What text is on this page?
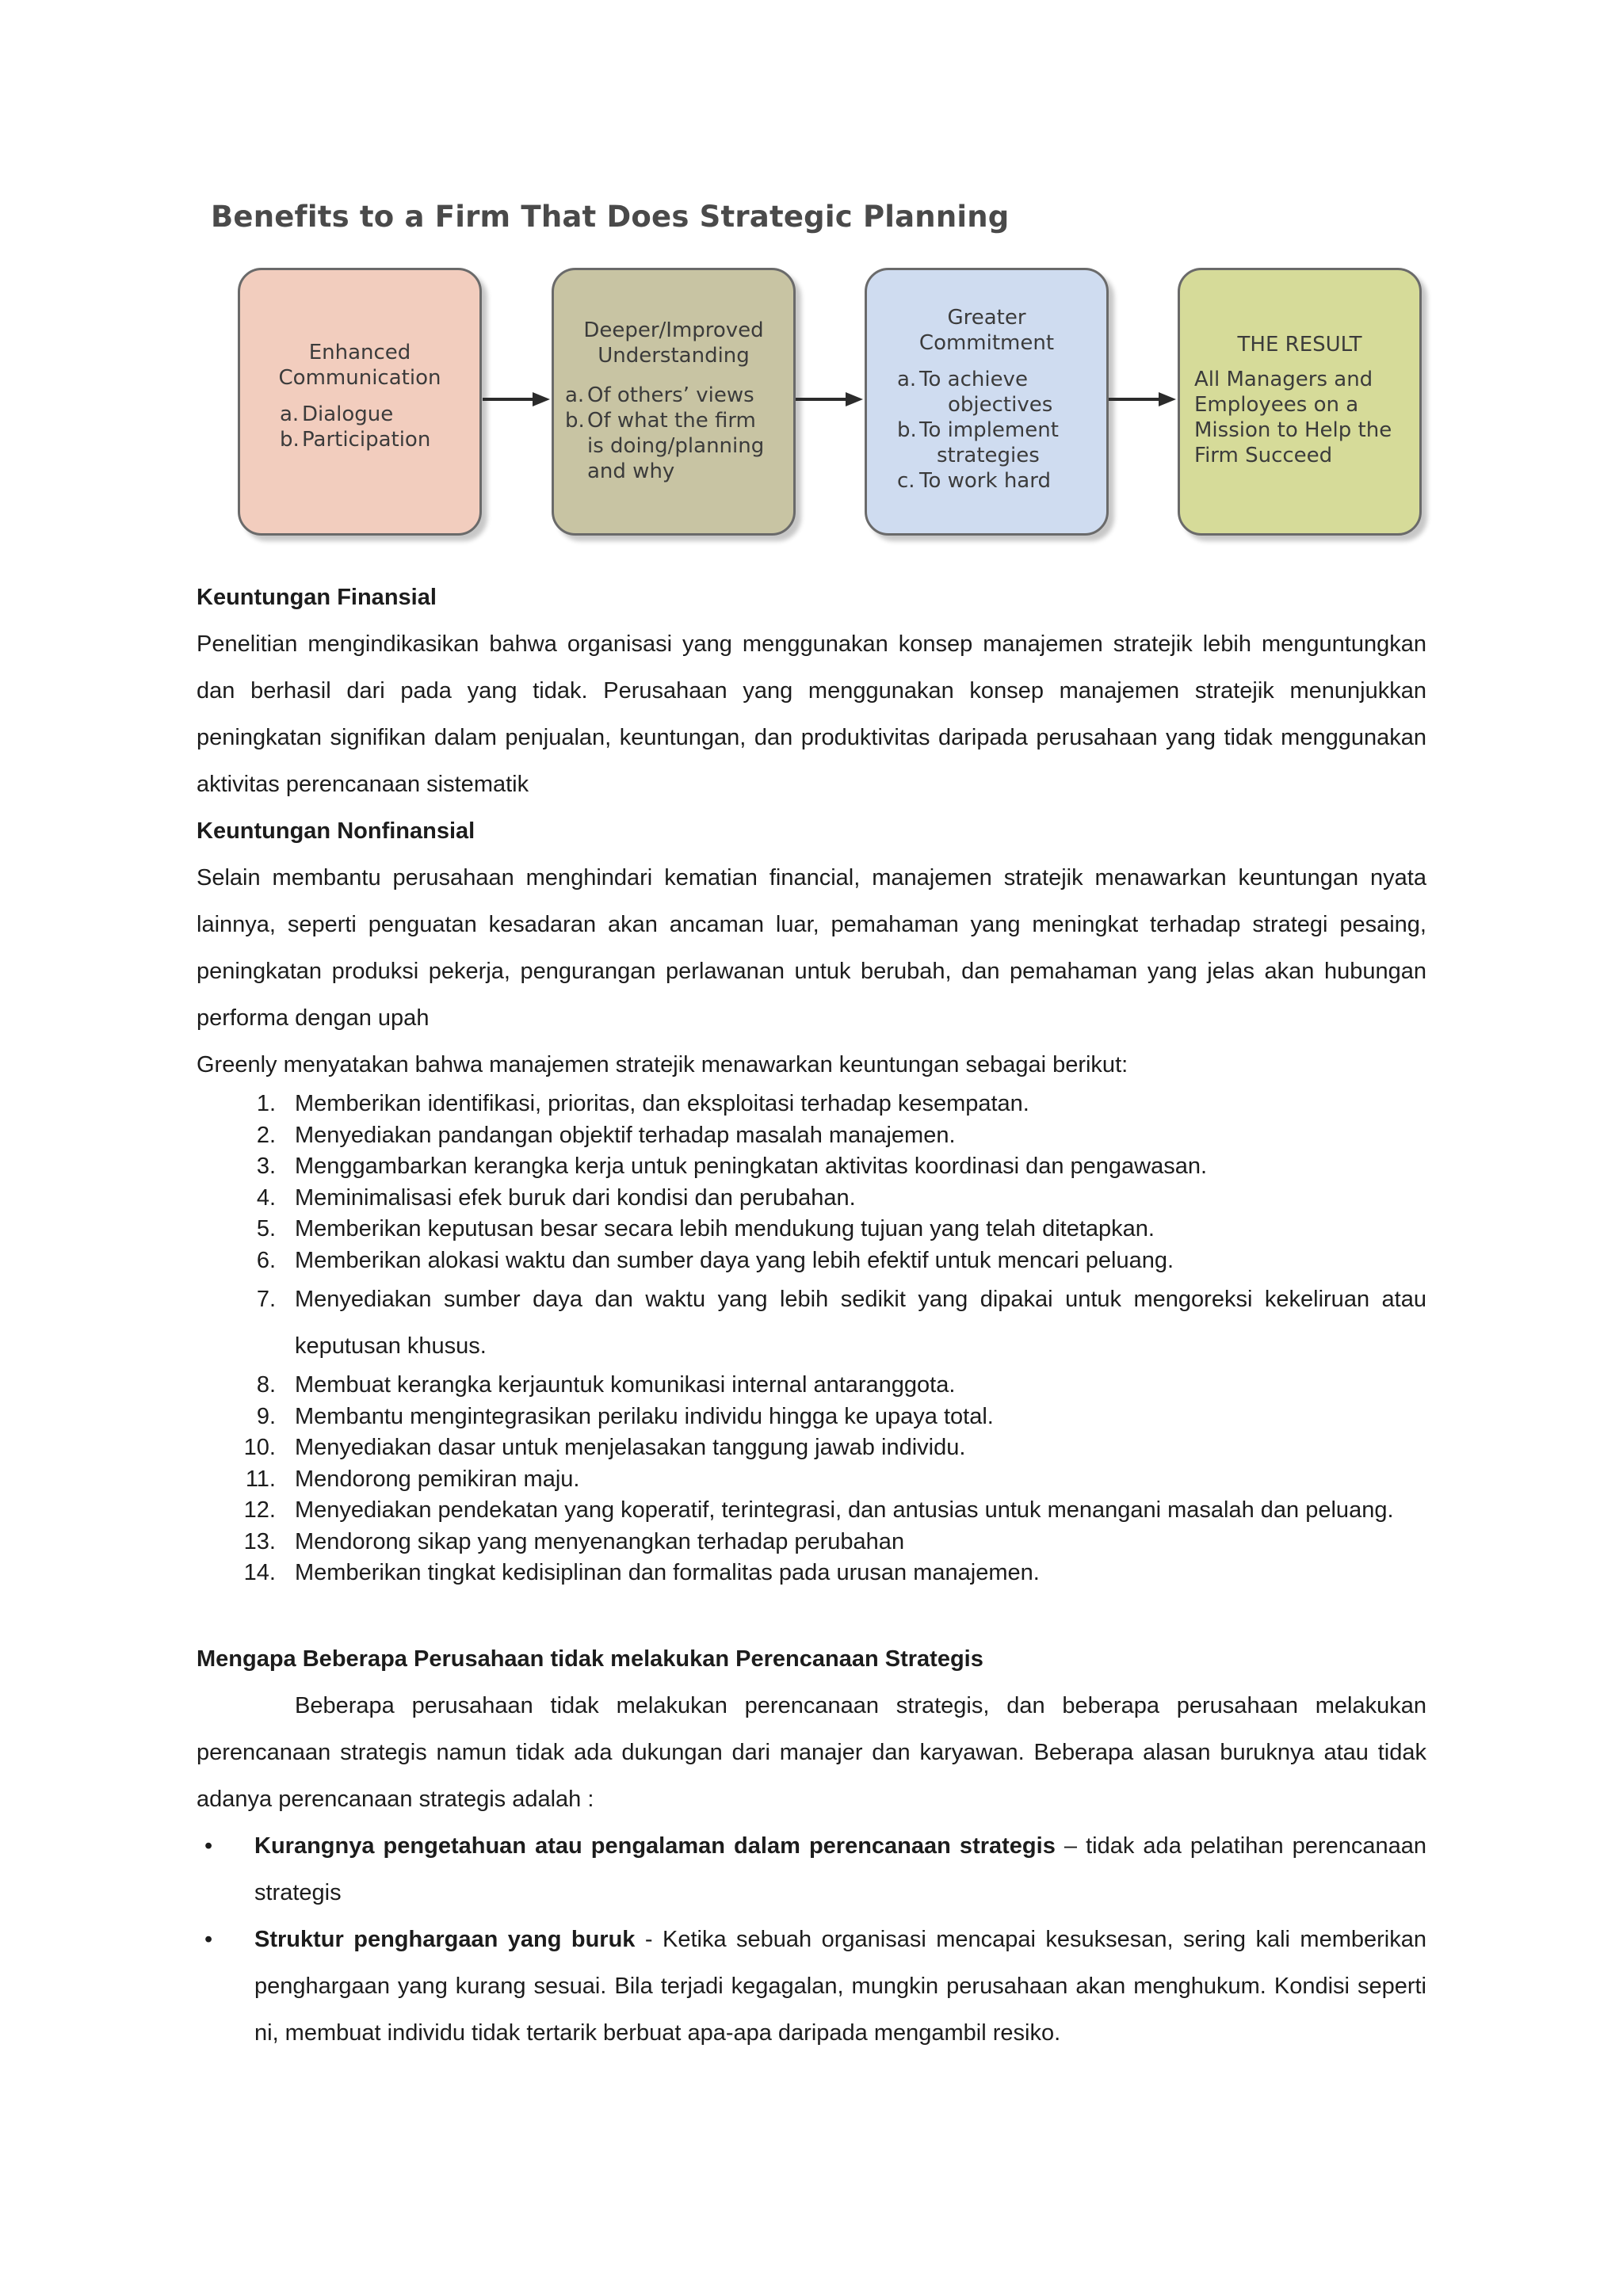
Benefits to a Firm That Does Strategic Planning
Enhanced
Communication
a. Dialogue
b. Participation
Deeper/Improved
Understanding
a. Of others’ views
b. Of what the firm
is doing/planning
and why
Greater
Commitment
a. To achieve
objectives
b. To implement
strategies
c. To work hard
THE RESULT
All Managers and
Employees on a
Mission to Help the
Firm Succeed
Keuntungan Finansial
Penelitian mengindikasikan bahwa organisasi yang menggunakan konsep manajemen stratejik lebih menguntungkan dan berhasil dari pada yang tidak. Perusahaan yang menggunakan konsep manajemen stratejik menunjukkan peningkatan signifikan dalam penjualan, keuntungan, dan produktivitas daripada perusahaan yang tidak menggunakan aktivitas perencanaan sistematik
Keuntungan Nonfinansial
Selain membantu perusahaan menghindari kematian financial, manajemen stratejik menawarkan keuntungan nyata lainnya, seperti penguatan kesadaran akan ancaman luar, pemahaman yang meningkat terhadap strategi pesaing, peningkatan produksi pekerja, pengurangan perlawanan untuk berubah, dan pemahaman yang jelas akan hubungan performa dengan upah
Greenly menyatakan bahwa manajemen stratejik menawarkan keuntungan sebagai berikut:
1. Memberikan identifikasi, prioritas, dan eksploitasi terhadap kesempatan.
2. Menyediakan pandangan objektif terhadap masalah manajemen.
3. Menggambarkan kerangka kerja untuk peningkatan aktivitas koordinasi dan pengawasan.
4. Meminimalisasi efek buruk dari kondisi dan perubahan.
5. Memberikan keputusan besar secara lebih mendukung tujuan yang telah ditetapkan.
6. Memberikan alokasi waktu dan sumber daya yang lebih efektif untuk mencari peluang.
7. Menyediakan sumber daya dan waktu yang lebih sedikit yang dipakai untuk mengoreksi kekeliruan atau keputusan khusus.
8. Membuat kerangka kerjauntuk komunikasi internal antaranggota.
9. Membantu mengintegrasikan perilaku individu hingga ke upaya total.
10. Menyediakan dasar untuk menjelasakan tanggung jawab individu.
11. Mendorong pemikiran maju.
12. Menyediakan pendekatan yang koperatif, terintegrasi, dan antusias untuk menangani masalah dan peluang.
13. Mendorong sikap yang menyenangkan terhadap perubahan
14. Memberikan tingkat kedisiplinan dan formalitas pada urusan manajemen.
Mengapa Beberapa Perusahaan tidak melakukan Perencanaan Strategis
Beberapa perusahaan tidak melakukan perencanaan strategis, dan beberapa perusahaan melakukan perencanaan strategis namun tidak ada dukungan dari manajer dan karyawan. Beberapa alasan buruknya atau tidak adanya perencanaan strategis adalah :
•	Kurangnya pengetahuan atau pengalaman dalam perencanaan strategis – tidak ada pelatihan perencanaan strategis
•	Struktur penghargaan yang buruk - Ketika sebuah organisasi mencapai kesuksesan, sering kali memberikan penghargaan yang kurang sesuai. Bila terjadi kegagalan, mungkin perusahaan akan menghukum. Kondisi seperti ni, membuat individu tidak tertarik berbuat apa-apa daripada mengambil resiko.
